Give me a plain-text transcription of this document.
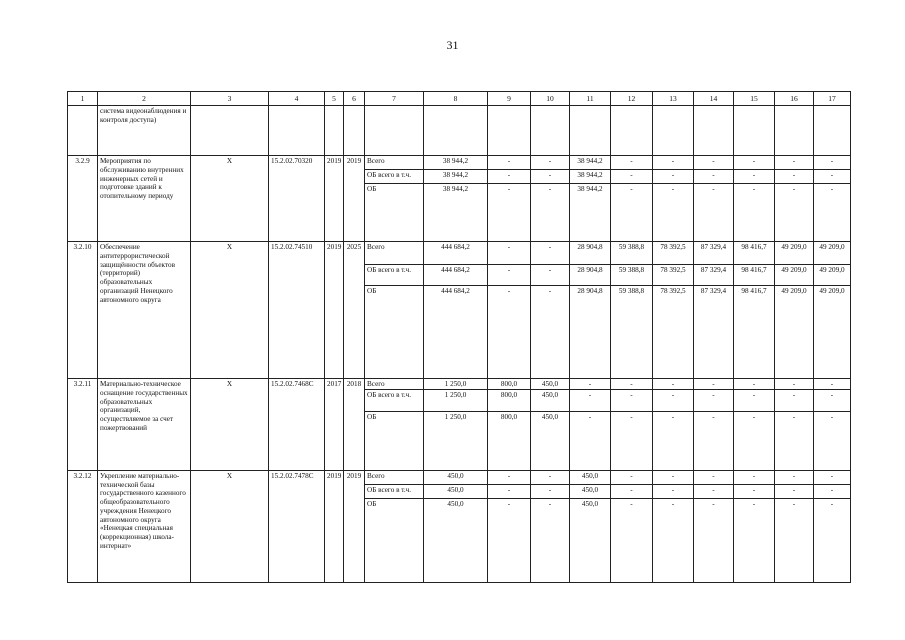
31
1	2	3	4	5	6	7	8	9	10	11	12	13	14	15	16	17
	система видеонаблюдения и контроля доступа)															
3.2.9	Мероприятия по обслуживанию внутренних инженерных сетей и подготовке зданий к отопительному периоду	Х	15.2.02.70320	2019	2019	Всего	38 944,2	-	-	38 944,2	-	-	-	-	-	-
						ОБ всего в т.ч.	38 944,2	-	-	38 944,2	-	-	-	-	-	-
						ОБ	38 944,2	-	-	38 944,2	-	-	-	-	-	-
3.2.10	Обеспечение антитеррористической защищённости объектов (территорий) образовательных организаций Ненецкого автономного округа	Х	15.2.02.74510	2019	2025	Всего	444 684,2	-	-	28 904,8	59 388,8	78 392,5	87 329,4	98 416,7	49 209,0	49 209,0
						ОБ всего в т.ч.	444 684,2	-	-	28 904,8	59 388,8	78 392,5	87 329,4	98 416,7	49 209,0	49 209,0
						ОБ	444 684,2	-	-	28 904,8	59 388,8	78 392,5	87 329,4	98 416,7	49 209,0	49 209,0
3.2.11	Материально-техническое оснащение государственных образовательных организаций, осуществляемое за счет пожертвований	Х	15.2.02.7468С	2017	2018	Всего	1 250,0	800,0	450,0	-	-	-	-	-	-	-
						ОБ всего в т.ч.	1 250,0	800,0	450,0	-	-	-	-	-	-	-
						ОБ	1 250,0	800,0	450,0	-	-	-	-	-	-	-
3.2.12	Укрепление материально-технической базы государственного казенного общеобразовательного учреждения Ненецкого автономного округа «Ненецкая специальная (коррекционная) школа-интернат»	Х	15.2.02.7478С	2019	2019	Всего	450,0	-	-	450,0	-	-	-	-	-	-
						ОБ всего в т.ч.	450,0	-	-	450,0	-	-	-	-	-	-
						ОБ	450,0	-	-	450,0	-	-	-	-	-	-
